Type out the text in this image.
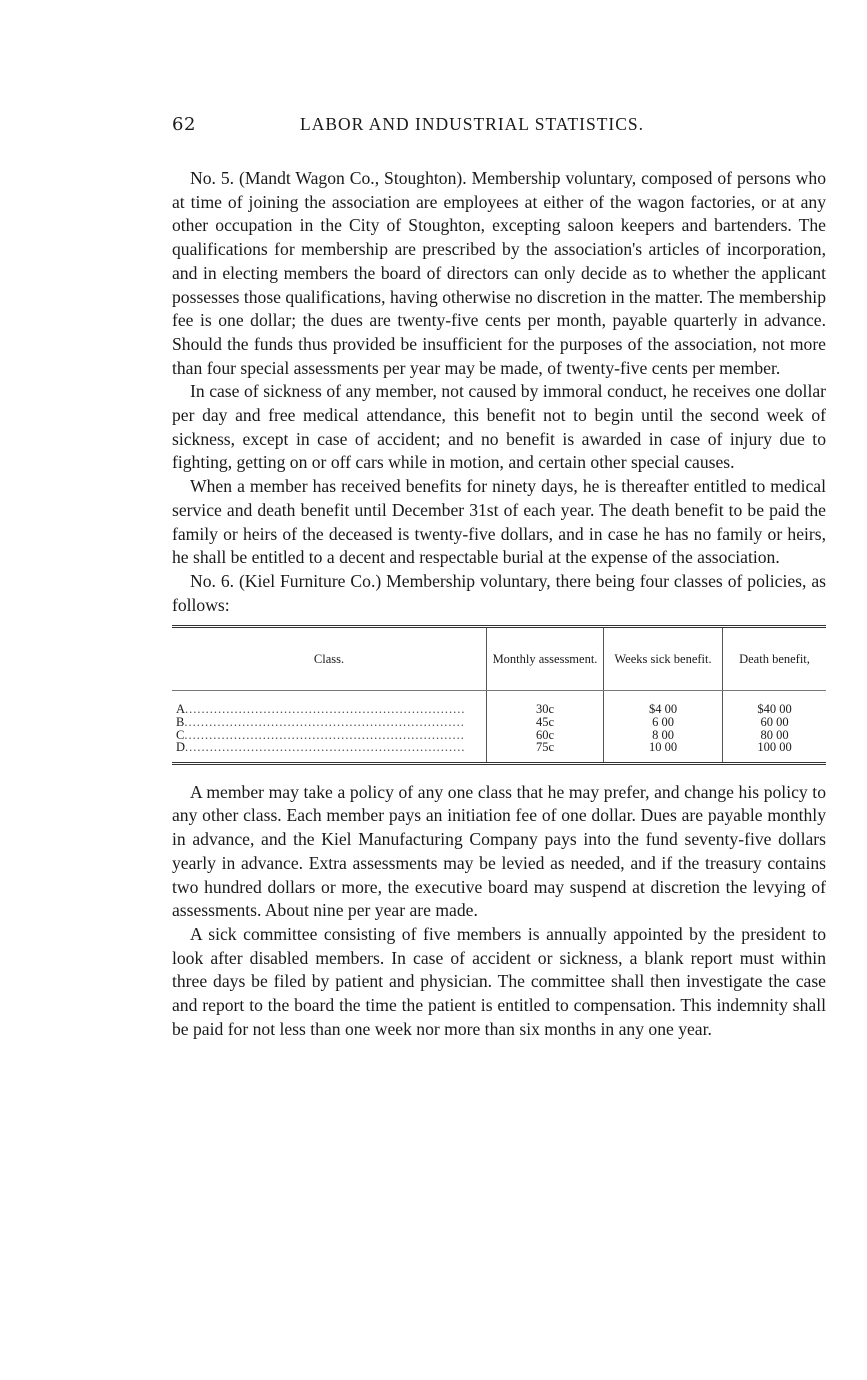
62	LABOR AND INDUSTRIAL STATISTICS.

No. 5. (Mandt Wagon Co., Stoughton). Membership voluntary, composed of persons who at time of joining the association are employees at either of the wagon factories, or at any other occupation in the City of Stoughton, excepting saloon keepers and bartenders. The qualifications for membership are prescribed by the association's articles of incorporation, and in electing members the board of directors can only decide as to whether the applicant possesses those qualifications, having otherwise no discretion in the matter. The membership fee is one dollar; the dues are twenty-five cents per month, payable quarterly in advance. Should the funds thus provided be insufficient for the purposes of the association, not more than four special assessments per year may be made, of twenty-five cents per member.

In case of sickness of any member, not caused by immoral conduct, he receives one dollar per day and free medical attendance, this benefit not to begin until the second week of sickness, except in case of accident; and no benefit is awarded in case of injury due to fighting, getting on or off cars while in motion, and certain other special causes.

When a member has received benefits for ninety days, he is thereafter entitled to medical service and death benefit until December 31st of each year. The death benefit to be paid the family or heirs of the deceased is twenty-five dollars, and in case he has no family or heirs, he shall be entitled to a decent and respectable burial at the expense of the association.

No. 6. (Kiel Furniture Co.) Membership voluntary, there being four classes of policies, as follows:

Class.	Monthly assessment.	Weeks sick benefit.	Death benefit,
A....................................................................	30c	$4 00	$40 00
B....................................................................	45c	6 00	60 00
C....................................................................	60c	8 00	80 00
D....................................................................	75c	10 00	100 00

A member may take a policy of any one class that he may prefer, and change his policy to any other class. Each member pays an initiation fee of one dollar. Dues are payable monthly in advance, and the Kiel Manufacturing Company pays into the fund seventy-five dollars yearly in advance. Extra assessments may be levied as needed, and if the treasury contains two hundred dollars or more, the executive board may suspend at discretion the levying of assessments. About nine per year are made.

A sick committee consisting of five members is annually appointed by the president to look after disabled members. In case of accident or sickness, a blank report must within three days be filed by patient and physician. The committee shall then investigate the case and report to the board the time the patient is entitled to compensation. This indemnity shall be paid for not less than one week nor more than six months in any one year.
